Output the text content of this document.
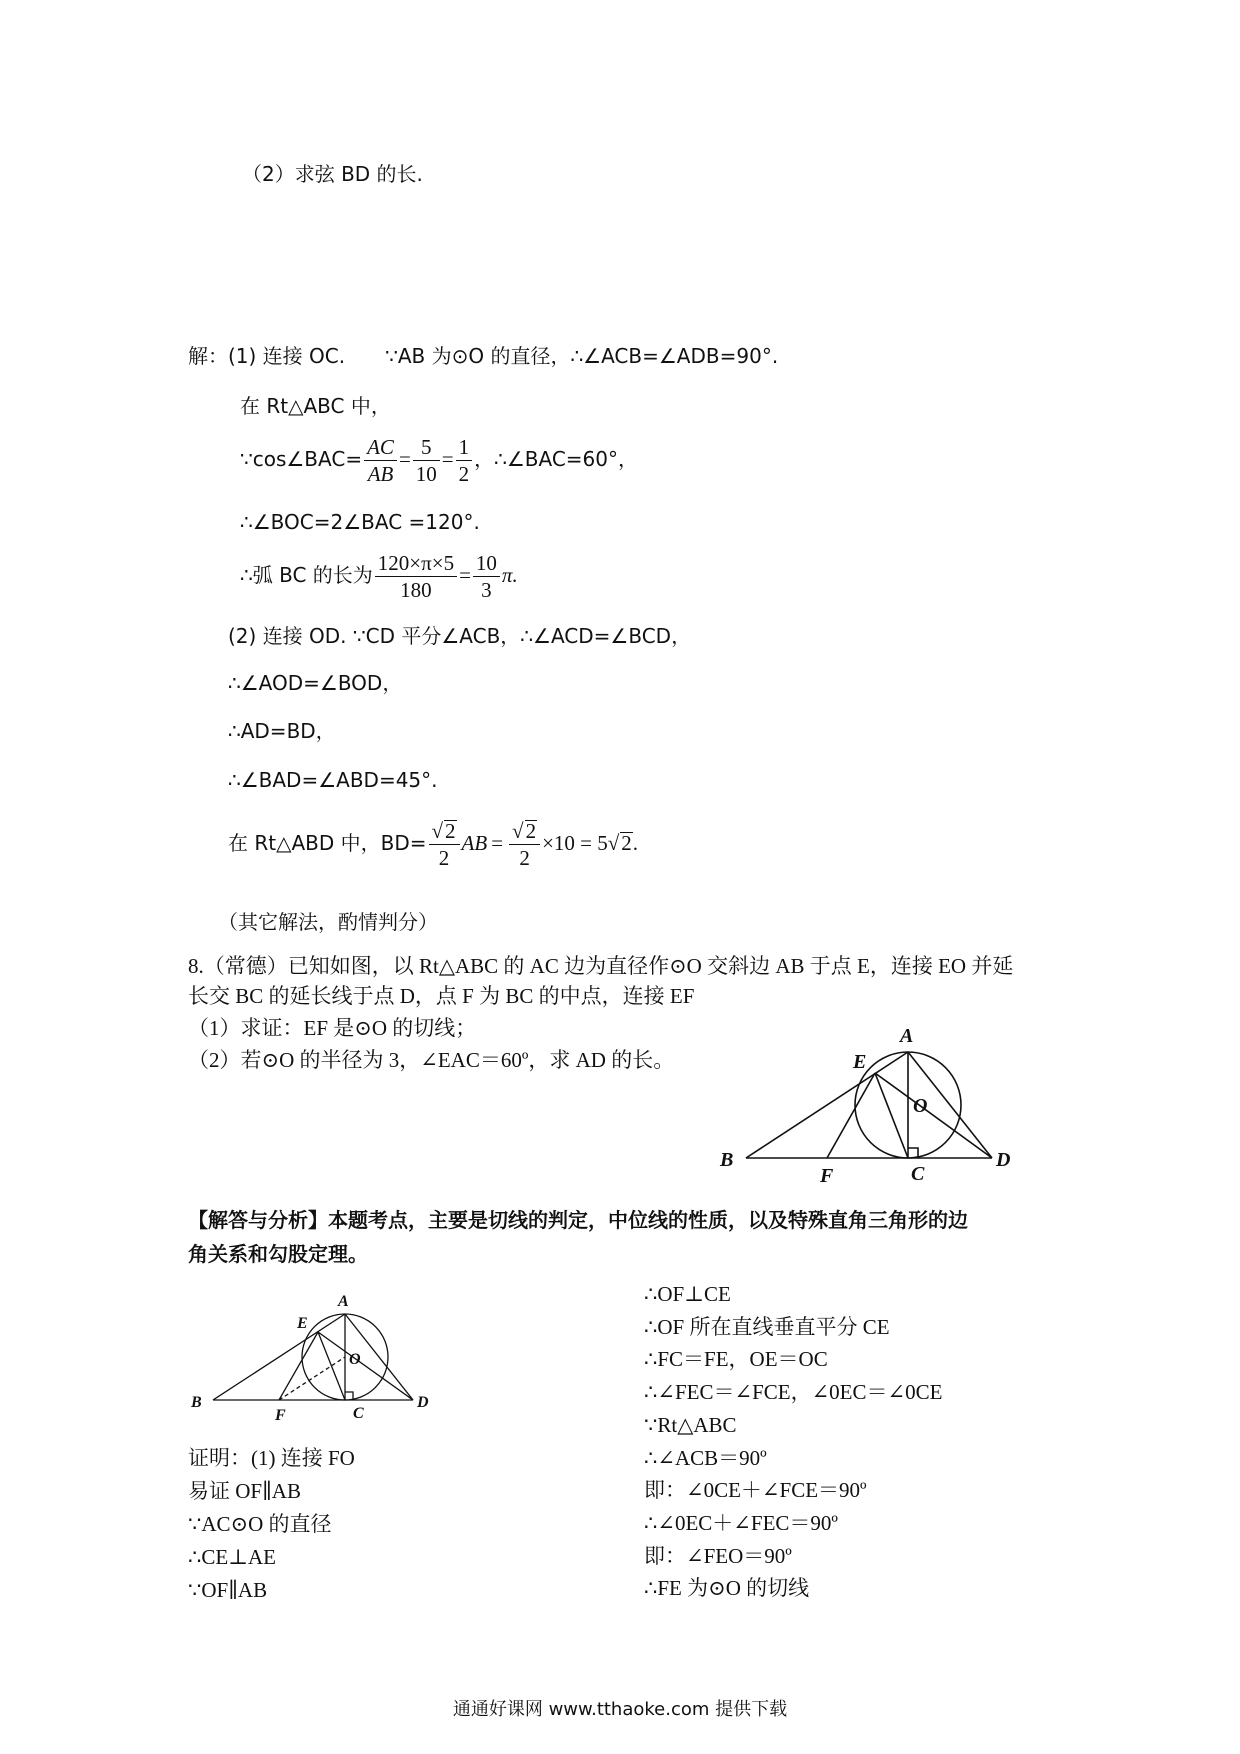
（2）求弦 BD 的长.
解：(1) 连接 OC.　　∵AB 为⊙O 的直径，∴∠ACB=∠ADB=90°.
在 Rt△ABC 中，
∵cos∠BAC= $\frac{AC}{AB} = \frac{5}{10} = \frac{1}{2}$ ，∴∠BAC=60°，
∴∠BOC=2∠BAC =120°.
∴弧 BC 的长为 $\frac{120\times\pi\times 5}{180} = \frac{10}{3} \pi$.
(2) 连接 OD. ∵CD 平分∠ACB，∴∠ACD=∠BCD，
∴∠AOD=∠BOD，
∴AD=BD，
∴∠BAD=∠ABD=45°.
在 Rt△ABD 中，$BD= \frac{√2}{2}$ AB = $\frac{√2}{2} \times 10 = 5√2$.
（其它解法，酌情判分）
8.（常德）已知如图，以 Rt△ABC 的 AC 边为直径作⊙O 交斜边 AB 于点 E，连接 EO 并延
长交 BC 的延长线于点 D，点 F 为 BC 的中点，连接 EF
（1）求证：EF 是⊙O 的切线；
（2）若⊙O 的半径为 3，∠EAC＝60º，求 AD 的长。
A
B
C
D
E
F
O
【解答与分析】本题考点，主要是切线的判定，中位线的性质，以及特殊直角三角形的边
角关系和勾股定理。
A
B
C
D
E
F
O
证明：(1) 连接 FO
易证 OF∥AB
∵AC⊙O 的直径
∴CE⊥AE
∵OF∥AB
∴OF⊥CE
∴OF 所在直线垂直平分 CE
∴FC＝FE，OE＝OC
∴∠FEC＝∠FCE，∠0EC＝∠0CE
∵Rt△ABC
∴∠ACB＝90º
即：∠0CE＋∠FCE＝90º
∴∠0EC＋∠FEC＝90º
即：∠FEO＝90º
∴FE 为⊙O 的切线
通通好课网 www.tthaoke.com 提供下载
